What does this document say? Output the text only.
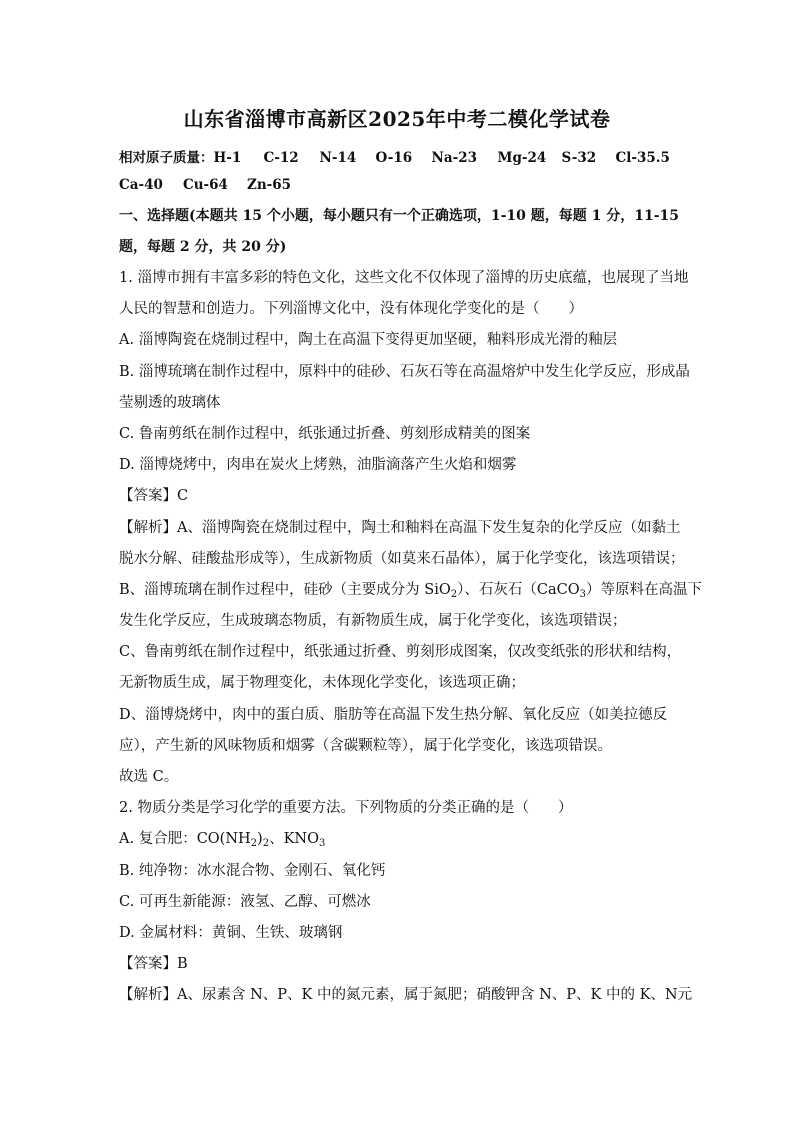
山东省淄博市高新区2025年中考二模化学试卷
相对原子质量：H-1 C-12 N-14 O-16 Na-23 Mg-24 S-32 Cl-35.5
Ca-40 Cu-64 Zn-65
一、选择题(本题共 15 个小题，每小题只有一个正确选项，1-10 题，每题 1 分，11-15
题，每题 2 分，共 20 分)
1. 淄博市拥有丰富多彩的特色文化，这些文化不仅体现了淄博的历史底蕴，也展现了当地
人民的智慧和创造力。下列淄博文化中，没有体现化学变化的是（　　）
A. 淄博陶瓷在烧制过程中，陶土在高温下变得更加坚硬，釉料形成光滑的釉层
B. 淄博琉璃在制作过程中，原料中的硅砂、石灰石等在高温熔炉中发生化学反应，形成晶
莹剔透的玻璃体
C. 鲁南剪纸在制作过程中，纸张通过折叠、剪刻形成精美的图案
D. 淄博烧烤中，肉串在炭火上烤熟，油脂滴落产生火焰和烟雾
【答案】C
【解析】A、淄博陶瓷在烧制过程中，陶土和釉料在高温下发生复杂的化学反应（如黏土
脱水分解、硅酸盐形成等），生成新物质（如莫来石晶体），属于化学变化，该选项错误；
B、淄博琉璃在制作过程中，硅砂（主要成分为 SiO$_2$）、石灰石（CaCO$_3$）等原料在高温下
发生化学反应，生成玻璃态物质，有新物质生成，属于化学变化，该选项错误；
C、鲁南剪纸在制作过程中，纸张通过折叠、剪刻形成图案，仅改变纸张的形状和结构，
无新物质生成，属于物理变化，未体现化学变化，该选项正确；
D、淄博烧烤中，肉中的蛋白质、脂肪等在高温下发生热分解、氧化反应（如美拉德反
应），产生新的风味物质和烟雾（含碳颗粒等），属于化学变化，该选项错误。
故选 C。
2. 物质分类是学习化学的重要方法。下列物质的分类正确的是（　　）
A. 复合肥：$CO(NH_2)_2$、$KNO_3$
B. 纯净物：冰水混合物、金刚石、氧化钙
C. 可再生新能源：液氢、乙醇、可燃冰
D. 金属材料：黄铜、生铁、玻璃钢
【答案】B
【解析】A、尿素含 N、P、K 中的氮元素，属于氮肥；硝酸钾含 N、P、K 中的 K、N元
